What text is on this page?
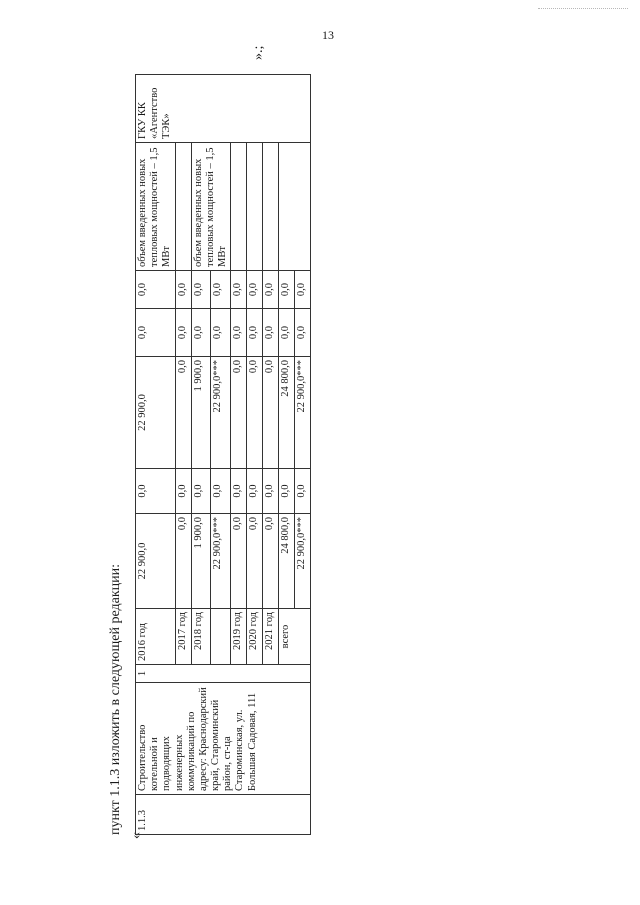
13
пункт 1.1.3 изложить в следующей редакции:
«
».;
1.1.3	Строительство котельной и подводящих инженерных коммуникаций по адресу: Краснодарский край, Староминский район, ст-ца Староминская, ул. Большая Садовая, 111	1	2016 год	22 900,0	0,0	22 900,0	0,0	0,0	объем введенных новых тепловых мощностей – 1,5 МВт	ГКУ КК «Агентство ТЭК»
			2017 год	0,0	0,0	0,0	0,0	0,0		
			2018 год	1 900,0	0,0	1 900,0	0,0	0,0	объем введенных новых тепловых мощностей – 1,5 МВт	
				22 900,0***	0,0	22 900,0***	0,0	0,0		
			2019 год	0,0	0,0	0,0	0,0	0,0		
			2020 год	0,0	0,0	0,0	0,0	0,0		
			2021 год	0,0	0,0	0,0	0,0	0,0		
			всего	24 800,0	0,0	24 800,0	0,0	0,0		
				22 900,0***	0,0	22 900,0***	0,0	0,0		
